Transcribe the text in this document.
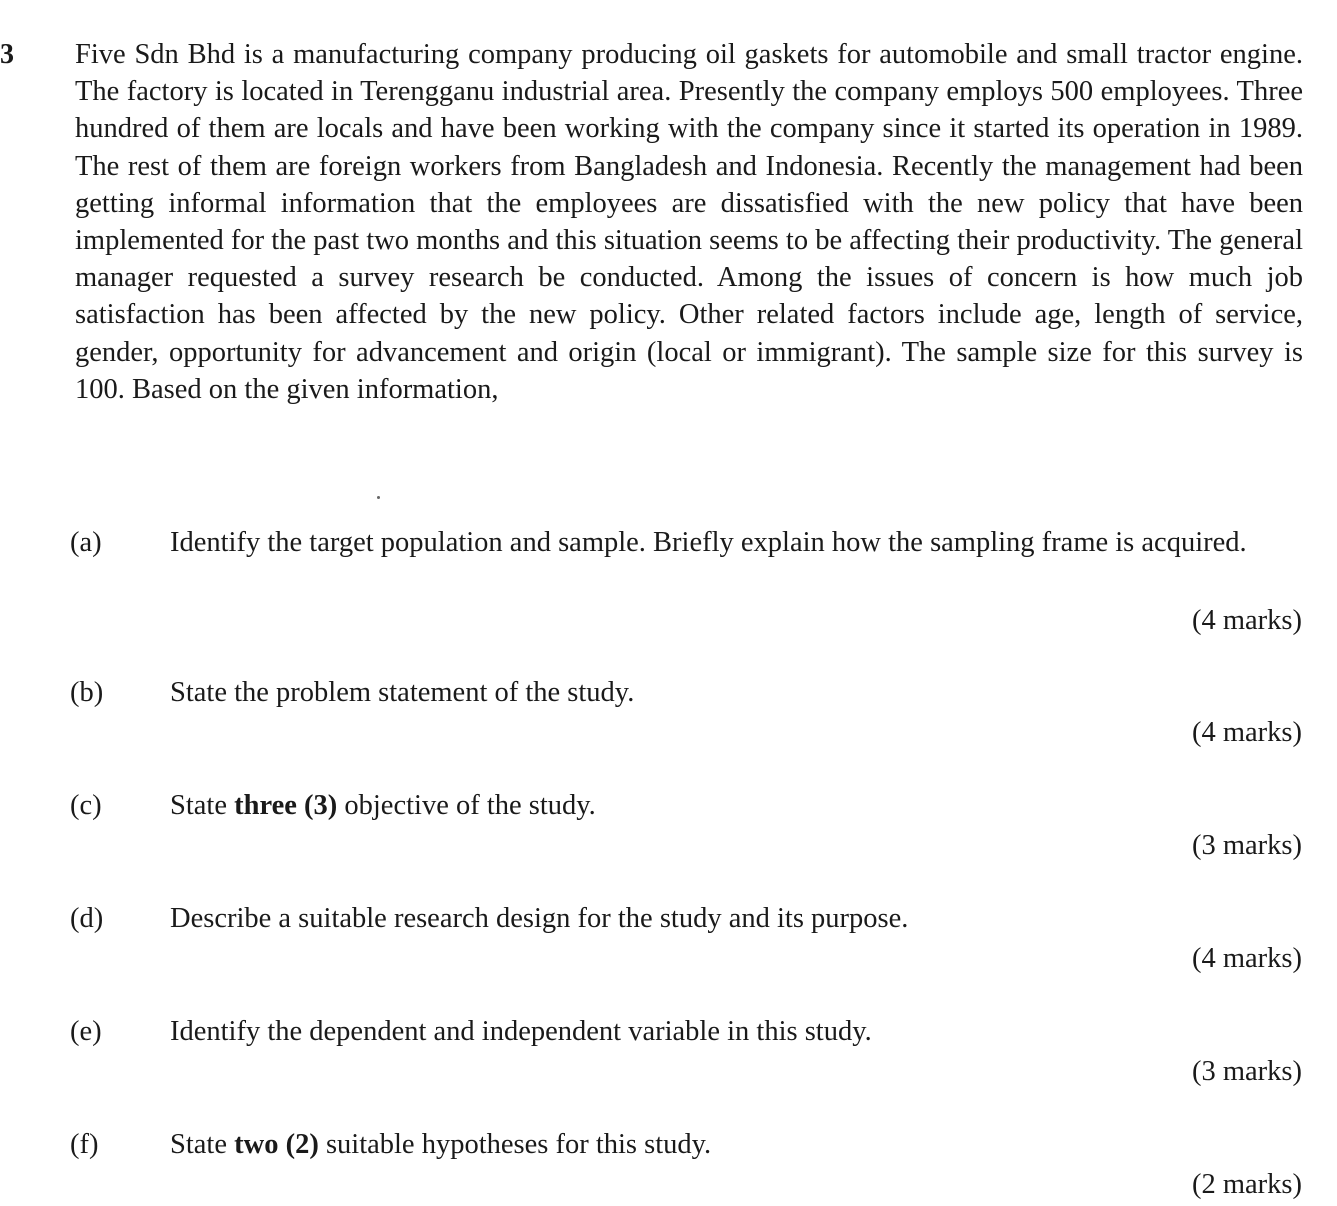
3 Five Sdn Bhd is a manufacturing company producing oil gaskets for automobile and small tractor engine. The factory is located in Terengganu industrial area. Presently the company employs 500 employees. Three hundred of them are locals and have been working with the company since it started its operation in 1989. The rest of them are foreign workers from Bangladesh and Indonesia. Recently the management had been getting informal information that the employees are dissatisfied with the new policy that have been implemented for the past two months and this situation seems to be affecting their productivity. The general manager requested a survey research be conducted. Among the issues of concern is how much job satisfaction has been affected by the new policy. Other related factors include age, length of service, gender, opportunity for advancement and origin (local or immigrant). The sample size for this survey is 100. Based on the given information,

(a) Identify the target population and sample. Briefly explain how the sampling frame is acquired.
(4 marks)
(b) State the problem statement of the study.
(4 marks)
(c) State three (3) objective of the study.
(3 marks)
(d) Describe a suitable research design for the study and its purpose.
(4 marks)
(e) Identify the dependent and independent variable in this study.
(3 marks)
(f)	State two (2) suitable hypotheses for this study.
(2 marks)
